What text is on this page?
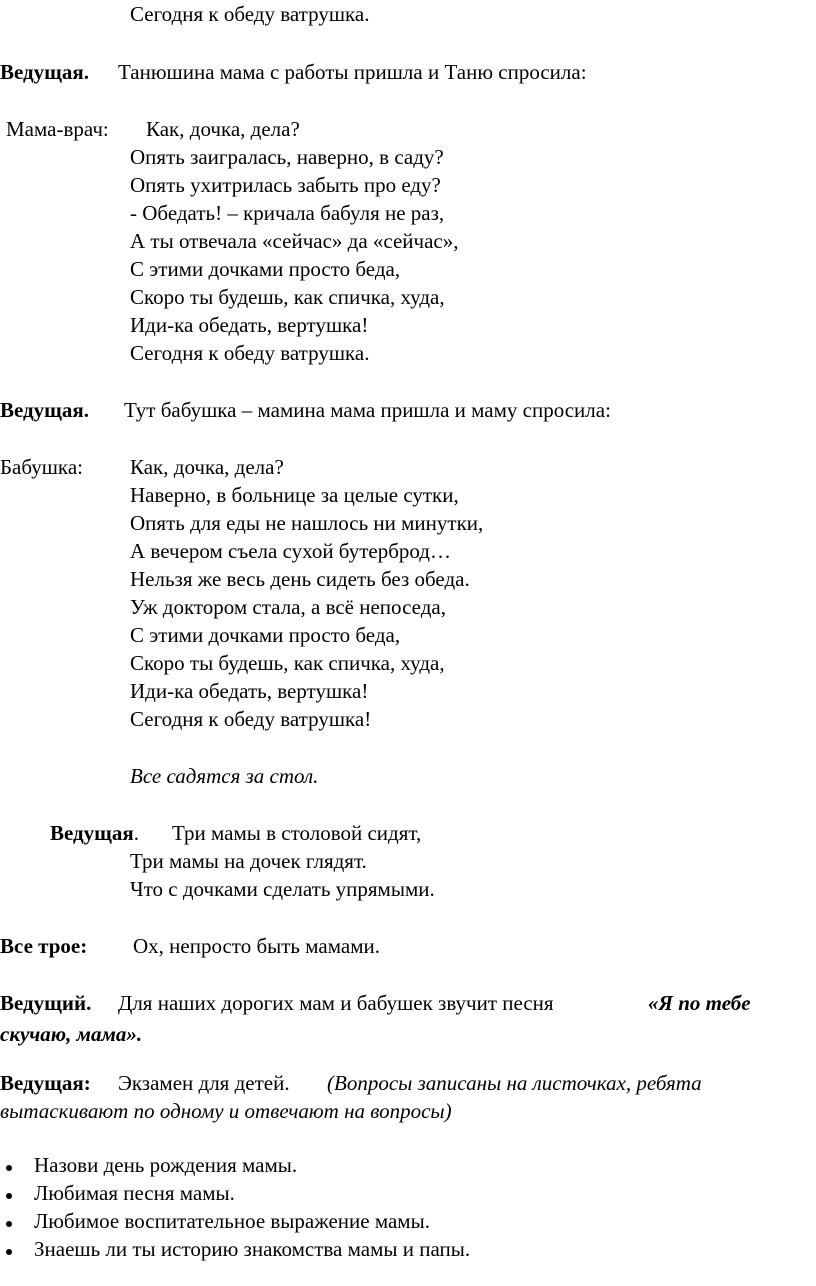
Сегодня к обеду ватрушка.
Ведущая. Танюшина мама с работы пришла и Таню спросила:
Мама-врач: Как, дочка, дела?
Опять заигралась, наверно, в саду?
Опять ухитрилась забыть про еду?
- Обедать! – кричала бабуля не раз,
А ты отвечала «сейчас» да «сейчас»,
С этими дочками просто беда,
Скоро ты будешь, как спичка, худа,
Иди-ка обедать, вертушка!
Сегодня к обеду ватрушка.
Ведущая. Тут бабушка – мамина мама пришла и маму спросила:
Бабушка: Как, дочка, дела?
Наверно, в больнице за целые сутки,
Опять для еды не нашлось ни минутки,
А вечером съела сухой бутерброд…
Нельзя же весь день сидеть без обеда.
Уж доктором стала, а всё непоседа,
С этими дочками просто беда,
Скоро ты будешь, как спичка, худа,
Иди-ка обедать, вертушка!
Сегодня к обеду ватрушка!
Все садятся за стол.
Ведущая. Три мамы в столовой сидят,
Три мамы на дочек глядят.
Что с дочками сделать упрямыми.
Все трое: Ох, непросто быть мамами.
Ведущий. Для наших дорогих мам и бабушек звучит песня	«Я по тебе
скучаю, мама».
Ведущая: Экзамен для детей. (Вопросы записаны на листочках, ребята
вытаскивают по одному и отвечают на вопросы)
Назови день рождения мамы.
Любимая песня мамы.
Любимое воспитательное выражение мамы.
Знаешь ли ты историю знакомства мамы и папы.
